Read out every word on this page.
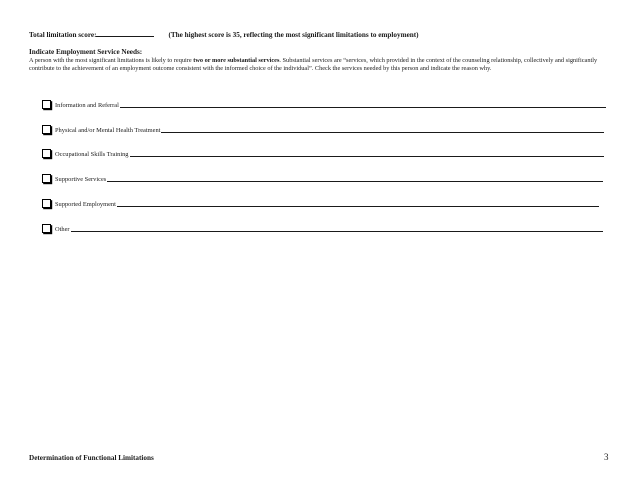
Total limitation score:	(The highest score is 35, reflecting the most significant limitations to employment)
Indicate Employment Service Needs:
A person with the most significant limitations is likely to require two or more substantial services. Substantial services are “services, which provided in the context of the counseling relationship, collectively and significantly contribute to the achievement of an employment outcome consistent with the informed choice of the individual”. Check the services needed by this person and indicate the reason why.
Information and Referral
Physical and/or Mental Health Treatment
Occupational Skills Training
Supportive Services
Supported Employment
Other
Determination of Functional Limitations	3
